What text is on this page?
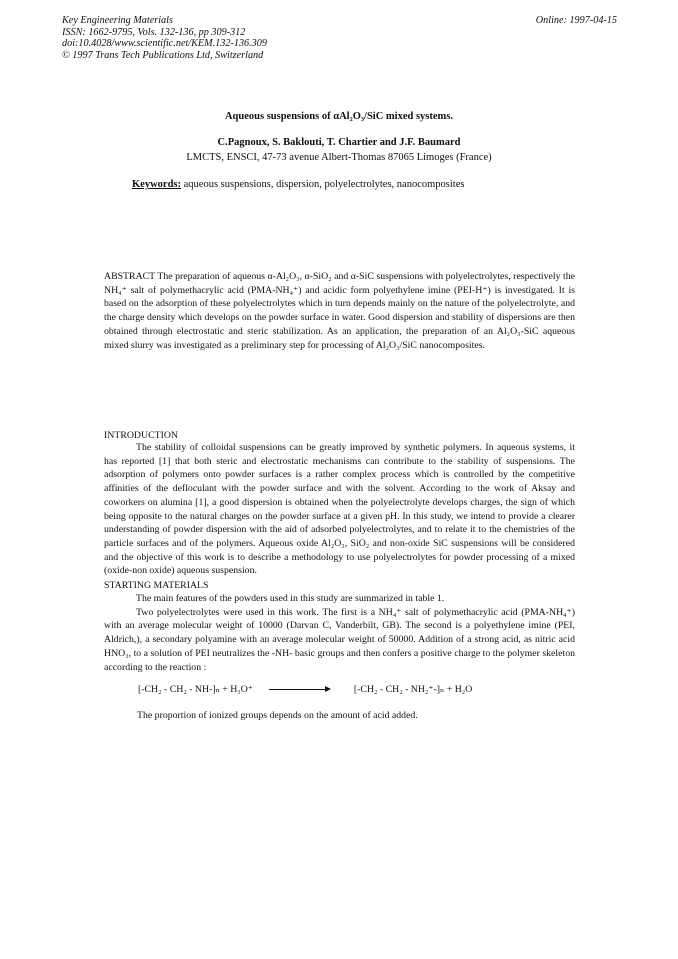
Key Engineering Materials
ISSN: 1662-9795, Vols. 132-136, pp 309-312
doi:10.4028/www.scientific.net/KEM.132-136.309
© 1997 Trans Tech Publications Ltd, Switzerland
Online: 1997-04-15
Aqueous suspensions of αAl₂O₃/SiC mixed systems.
C.Pagnoux, S. Baklouti, T. Chartier and J.F. Baumard
LMCTS, ENSCI, 47-73 avenue Albert-Thomas 87065 Limoges (France)
Keywords: aqueous suspensions, dispersion, polyelectrolytes, nanocomposites

ABSTRACT The preparation of aqueous α-Al₂O₃, α-SiO₂ and α-SiC suspensions with polyelectrolytes, respectively the NH₄⁺ salt of polymethacrylic acid (PMA-NH₄⁺) and acidic form polyethylene imine (PEI-H⁺) is investigated. It is based on the adsorption of these polyelectrolytes which in turn depends mainly on the nature of the polyelectrolyte, and the charge density which develops on the powder surface in water. Good dispersion and stability of dispersions are then obtained through electrostatic and steric stabilization. As an application, the preparation of an Al₂O₃-SiC aqueous mixed slurry was investigated as a preliminary step for processing of Al₂O₃/SiC nanocomposites.

INTRODUCTION

The stability of colloidal suspensions can be greatly improved by synthetic polymers. In aqueous systems, it has reported [1] that both steric and electrostatic mechanisms can contribute to the stability of suspensions. The adsorption of polymers onto powder surfaces is a rather complex process which is controlled by the competitive affinities of the defloculant with the powder surface and with the solvent. According to the work of Aksay and coworkers on alumina [1], a good dispersion is obtained when the polyelectrolyte develops charges, the sign of which being opposite to the natural charges on the powder surface at a given pH. In this study, we intend to provide a clearer understanding of powder dispersion with the aid of adsorbed polyelectrolytes, and to relate it to the chemistries of the particle surfaces and of the polymers. Aqueous oxide Al₂O₃, SiO₂ and non-oxide SiC suspensions will be considered and the objective of this work is to describe a methodology to use polyelectrolytes for powder processing of a mixed (oxide-non oxide) aqueous suspension.

STARTING MATERIALS

The main features of the powders used in this study are summarized in table 1.

Two polyelectrolytes were used in this work. The first is a NH₄⁺ salt of polymethacrylic acid (PMA-NH₄⁺) with an average molecular weight of 10000 (Darvan C, Vanderbilt, GB). The second is a polyethylene imine (PEI, Aldrich,), a secondary polyamine with an average molecular weight of 50000. Addition of a strong acid, as nitric acid HNO₃, to a solution of PEI neutralizes the -NH- basic groups and then confers a positive charge to the polymer skeleton according to the reaction :

[-CH₂ - CH₂ - NH-]ₙ + H₃O⁺	[-CH₂ - CH₂ - NH₂⁺-]ₙ + H₂O
The proportion of ionized groups depends on the amount of acid added.
